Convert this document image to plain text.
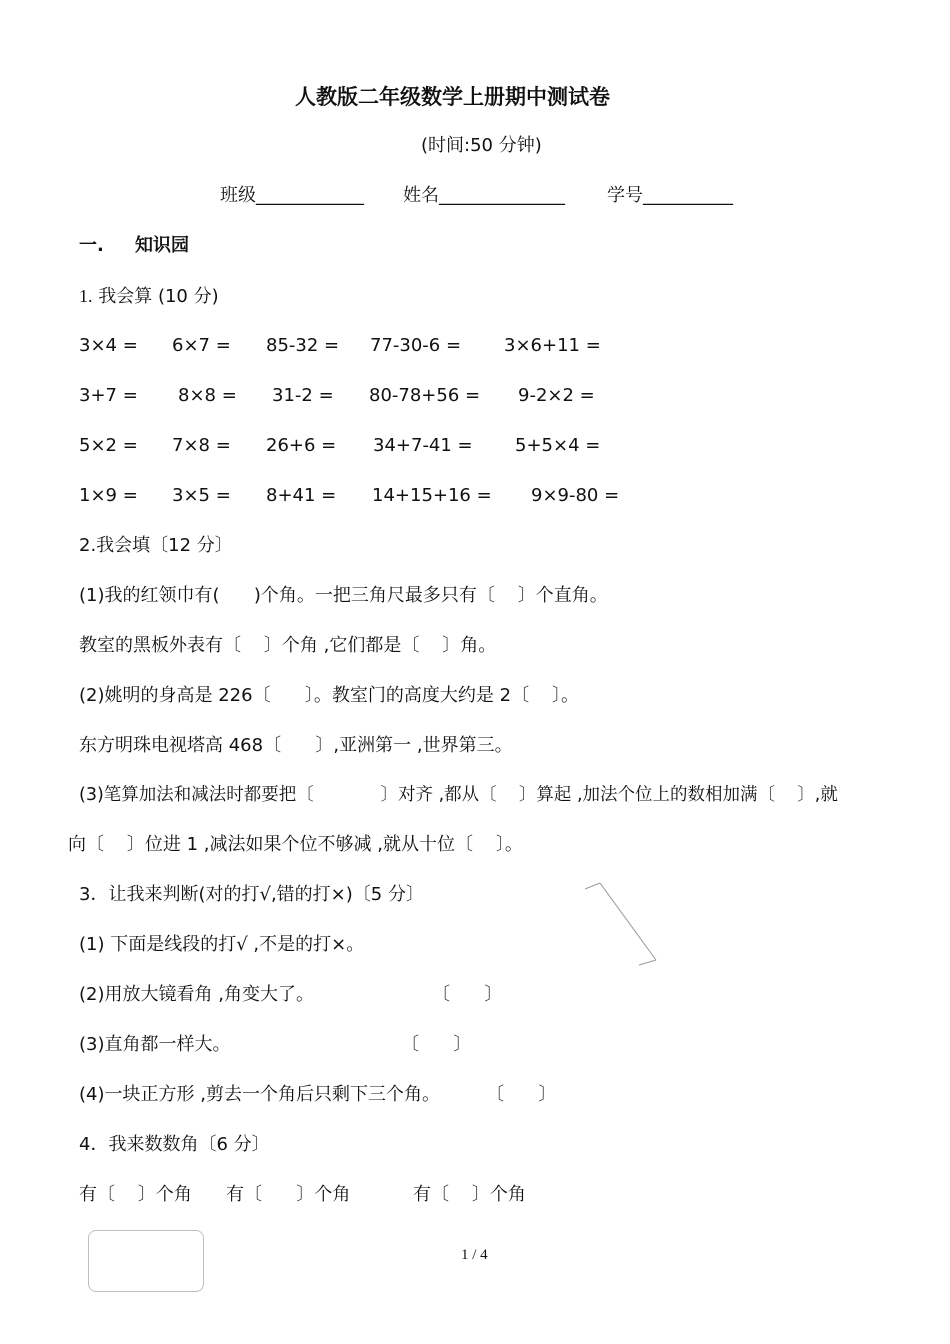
人教版二年级数学上册期中测试卷
(时间:50 分钟)
班级____________ 姓名______________ 学号__________
一. 知识园
1. 我会算 (10 分)
3×4 = 6×7 = 85-32 = 77-30-6 = 3×6+11 =
3+7 = 8×8 = 31-2 = 80-78+56 = 9-2×2 =
5×2 = 7×8 = 26+6 = 34+7-41 = 5+5×4 =
1×9 = 3×5 = 8+41 = 14+15+16 = 9×9-80 =
2.我会填〔12 分〕
(1)我的红领巾有(      )个角。一把三角尺最多只有〔    〕个直角。
教室的黑板外表有〔    〕个角 ,它们都是〔    〕角。
(2)姚明的身高是 226〔      〕。教室门的高度大约是 2〔    〕。
东方明珠电视塔高 468〔      〕,亚洲第一 ,世界第三。
(3)笔算加法和减法时都要把〔            〕对齐 ,都从〔    〕算起 ,加法个位上的数相加满〔    〕,就
向〔    〕位进 1 ,减法如果个位不够减 ,就从十位〔    〕。
3．让我来判断(对的打√,错的打×)〔5 分〕
(1) 下面是线段的打√ ,不是的打×。
(2)用放大镜看角 ,角变大了。	〔      〕
(3)直角都一样大。	〔      〕
(4)一块正方形 ,剪去一个角后只剩下三个角。	〔      〕
4．我来数数角〔6 分〕
有〔    〕个角 有〔      〕个角	有〔    〕个角
1 / 4
